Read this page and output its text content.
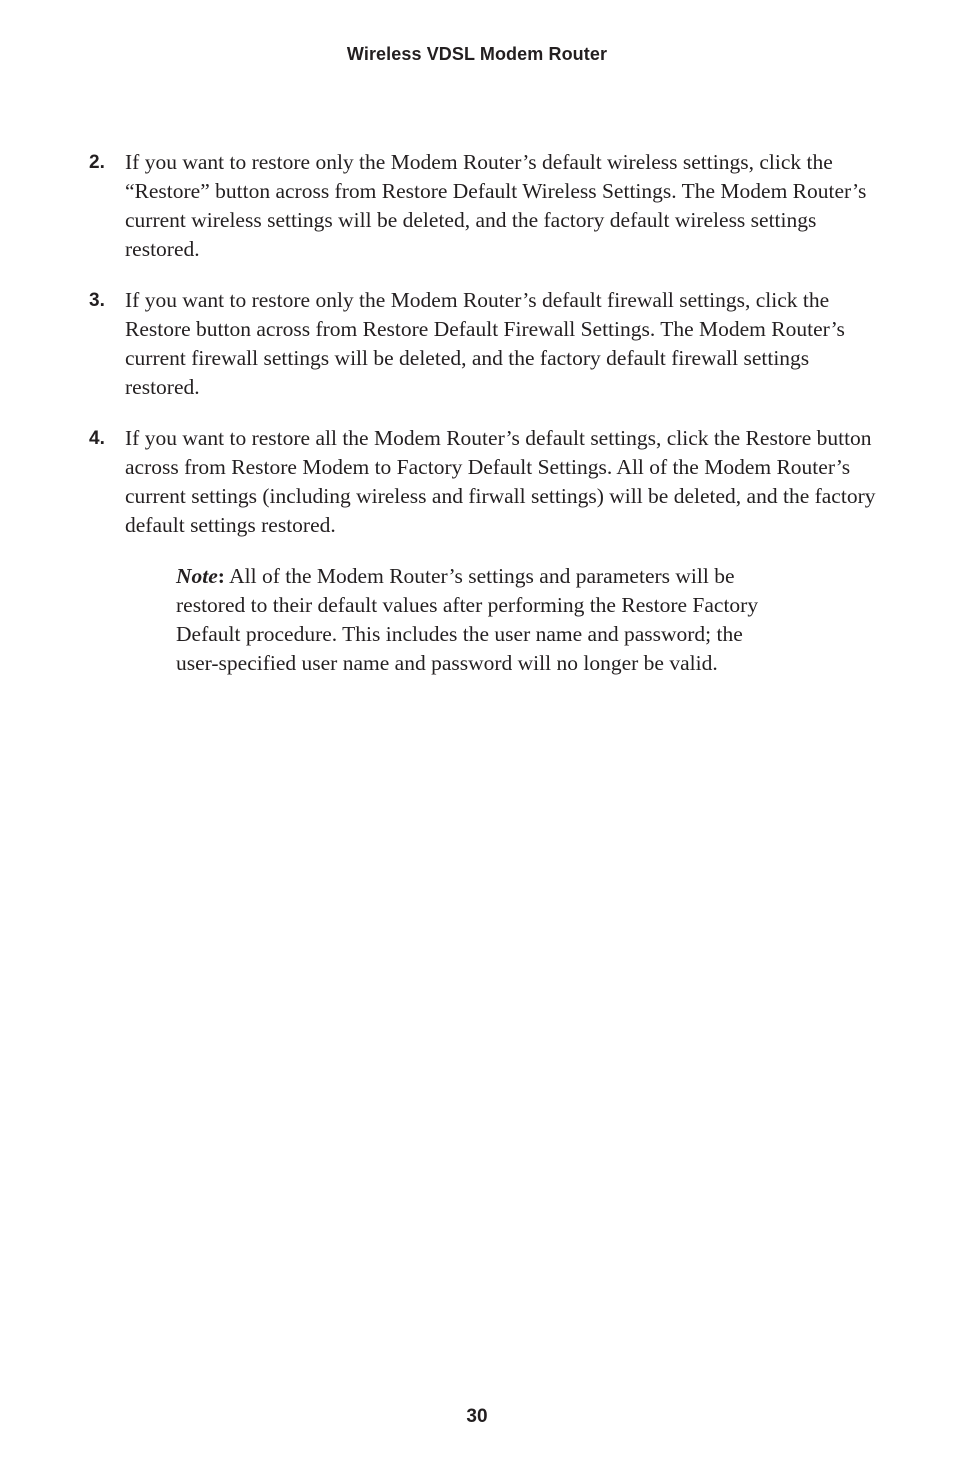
Wireless VDSL Modem Router
2. If you want to restore only the Modem Router’s default wireless settings, click the “Restore” button across from Restore Default Wireless Settings. The Modem Router’s current wireless settings will be deleted, and the factory default wireless settings restored.
3. If you want to restore only the Modem Router’s default firewall settings, click the Restore button across from Restore Default Firewall Settings. The Modem Router’s current firewall settings will be deleted, and the factory default firewall settings restored.
4. If you want to restore all the Modem Router’s default settings, click the Restore button across from Restore Modem to Factory Default Settings. All of the Modem Router’s current settings (including wireless and firwall settings) will be deleted, and the factory default settings restored.
Note: All of the Modem Router’s settings and parameters will be restored to their default values after performing the Restore Factory Default procedure. This includes the user name and password; the user-specified user name and password will no longer be valid.
30
